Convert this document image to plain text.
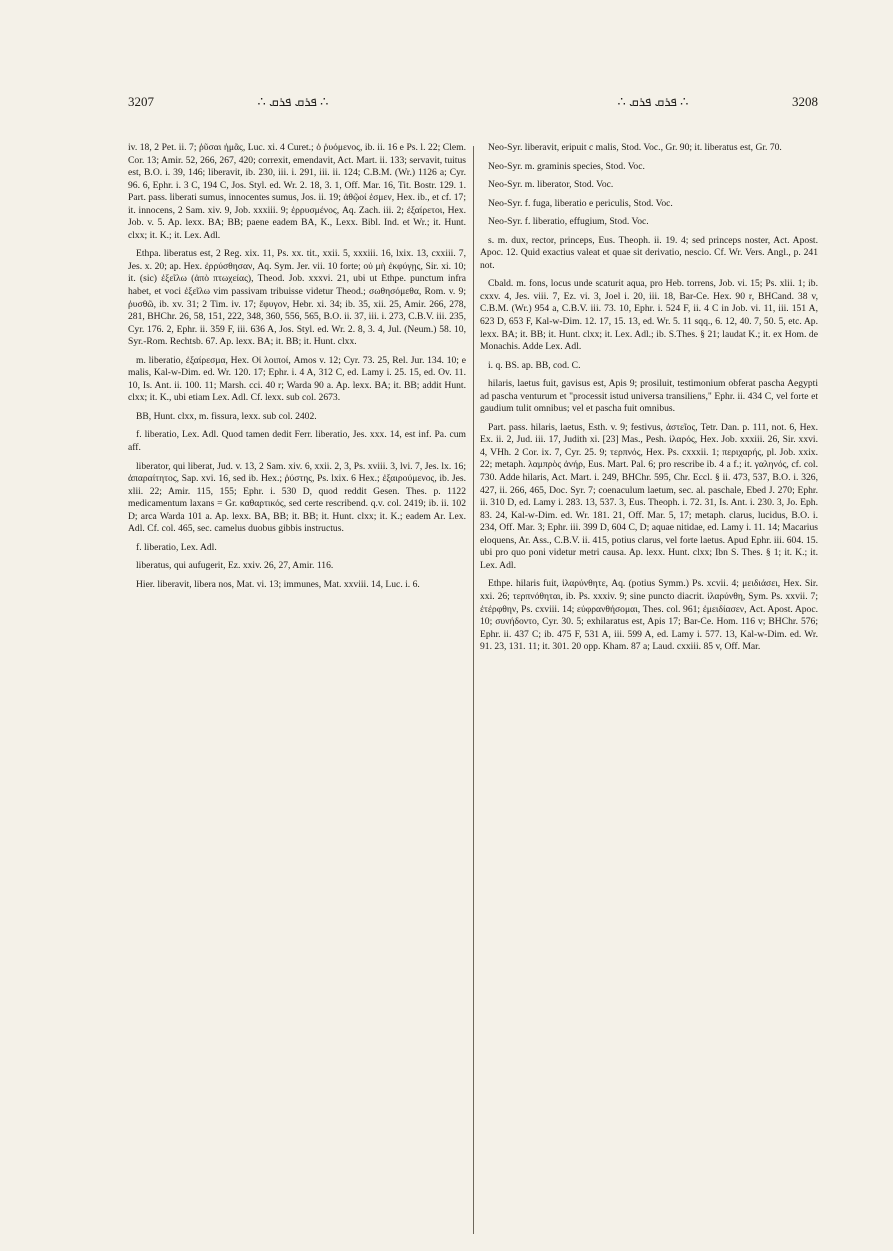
3207	∴ ܦܪܩ ܦܪܩ ∴	∴ ܦܪܩ ܦܪܩ ∴	3208

iv. 18, 2 Pet. ii. 7; ῥῦσαι ἡμᾶς, Luc. xi. 4 Curet.; ὁ ῥυόμενος, ib. ii. 16 e Ps. l. 22; Clem. Cor. 13; Amir. 52, 266, 267, 420; correxit, emendavit, Act. Mart. ii. 133; servavit, tuitus est, B.O. i. 39, 146; liberavit, ib. 230, iii. i. 291, iii. ii. 124; C.B.M. (Wr.) 1126 a; Cyr. 96. 6, Ephr. i. 3 C, 194 C, Jos. Styl. ed. Wr. 2. 18, 3. 1, Off. Mar. 16, Tit. Bostr. 129. 1. Part. pass. liberati sumus, innocentes sumus, Jos. ii. 19; ἀθῷοί ἐσμεν, Hex. ib., et cf. 17; it. innocens, 2 Sam. xiv. 9, Job. xxxiii. 9; ἐρρυσμένος, Aq. Zach. iii. 2; ἐξαίρετοι, Hex. Job. v. 5. Ap. lexx. BA; BB; paene eadem BA, K., Lexx. Bibl. Ind. et Wr.; it. Hunt. clxx; it. K.; it. Lex. Adl.

Ethpa. liberatus est, 2 Reg. xix. 11, Ps. xx. tit., xxii. 5, xxxiii. 16, lxix. 13, cxxiii. 7, Jes. x. 20; ap. Hex. ἐρρύσθησαν, Aq. Sym. Jer. vii. 10 forte; οὐ μὴ ἐκφύγῃς, Sir. xi. 10; it. (sic) ἐξεῖλω (ἀπὸ πτωχείας), Theod. Job. xxxvi. 21, ubi ut Ethpe. punctum infra habet, et voci ἐξεῖλω vim passivam tribuisse videtur Theod.; σωθησόμεθα, Rom. v. 9; ῥυσθῶ, ib. xv. 31; 2 Tim. iv. 17; ἔφυγον, Hebr. xi. 34; ib. 35, xii. 25, Amir. 266, 278, 281, BHChr. 26, 58, 151, 222, 348, 360, 556, 565, B.O. ii. 37, iii. i. 273, C.B.V. iii. 235, Cyr. 176. 2, Ephr. ii. 359 F, iii. 636 A, Jos. Styl. ed. Wr. 2. 8, 3. 4, Jul. (Neum.) 58. 10, Syr.-Rom. Rechtsb. 67. Ap. lexx. BA; it. BB; it. Hunt. clxx.

m. liberatio, ἐξαίρεσμα, Hex. Οἱ λοιποί, Amos v. 12; Cyr. 73. 25, Rel. Jur. 134. 10; e malis, Kal-w-Dim. ed. Wr. 120. 17; Ephr. i. 4 A, 312 C, ed. Lamy i. 25. 15, ed. Ov. 11. 10, Is. Ant. ii. 100. 11; Marsh. cci. 40 r; Warda 90 a. Ap. lexx. BA; it. BB; addit Hunt. clxx; it. K., ubi etiam Lex. Adl. Cf. lexx. sub col. 2673.

BB, Hunt. clxx, m. fissura, lexx. sub col. 2402.

f. liberatio, Lex. Adl. Quod tamen dedit Ferr. liberatio, Jes. xxx. 14, est inf. Pa. cum aff.

liberator, qui liberat, Jud. v. 13, 2 Sam. xiv. 6, xxii. 2, 3, Ps. xviii. 3, lvi. 7, Jes. lx. 16; ἀπαραίτητος, Sap. xvi. 16, sed ib. Hex.; ῥύστης, Ps. lxix. 6 Hex.; ἐξαιρούμενος, ib. Jes. xlii. 22; Amir. 115, 155; Ephr. i. 530 D, quod reddit Gesen. Thes. p. 1122 medicamentum laxans = Gr. καθαρτικός, sed certe rescribend. q.v. col. 2419; ib. ii. 102 D; arca Warda 101 a. Ap. lexx. BA, BB; it. BB; it. Hunt. clxx; it. K.; eadem Ar. Lex. Adl. Cf. col. 465, sec. camelus duobus gibbis instructus.

f. liberatio, Lex. Adl.

liberatus, qui aufugerit, Ez. xxiv. 26, 27, Amir. 116.

Hier. liberavit, libera nos, Mat. vi. 13; immunes, Mat. xxviii. 14, Luc. i. 6.

Neo-Syr. liberavit, eripuit c malis, Stod. Voc., Gr. 90; it. liberatus est, Gr. 70.

Neo-Syr. m. graminis species, Stod. Voc.

Neo-Syr. m. liberator, Stod. Voc.

Neo-Syr. f. fuga, liberatio e periculis, Stod. Voc.

Neo-Syr. f. liberatio, effugium, Stod. Voc.

s. m. dux, rector, princeps, Eus. Theoph. ii. 19. 4; sed princeps noster, Act. Apost. Apoc. 12. Quid exactius valeat et quae sit derivatio, nescio. Cf. Wr. Vers. Angl., p. 241 not.

Cbald. m. fons, locus unde scaturit aqua, pro Heb. torrens, Job. vi. 15; Ps. xlii. 1; ib. cxxv. 4, Jes. viii. 7, Ez. vi. 3, Joel i. 20, iii. 18, Bar-Ce. Hex. 90 r, BHCand. 38 v, C.B.M. (Wr.) 954 a, C.B.V. iii. 73. 10, Ephr. i. 524 F, ii. 4 C in Job. vi. 11, iii. 151 A, 623 D, 653 F, Kal-w-Dim. 12. 17, 15. 13, ed. Wr. 5. 11 sqq., 6. 12, 40. 7, 50. 5, etc. Ap. lexx. BA; it. BB; it. Hunt. clxx; it. Lex. Adl.; ib. S.Thes. § 21; laudat K.; it. ex Hom. de Monachis. Adde Lex. Adl.

i. q. BS. ap. BB, cod. C.

hilaris, laetus fuit, gavisus est, Apis 9; prosiluit, testimonium obferat pascha Aegypti ad pascha venturum et "processit istud universa transiliens," Ephr. ii. 434 C, vel forte et gaudium tulit omnibus; vel et pascha fuit omnibus.

Part. pass. hilaris, laetus, Esth. v. 9; festivus, ἀστεῖος, Tetr. Dan. p. 111, not. 6, Hex. Ex. ii. 2, Jud. iii. 17, Judith xi. [23] Mas., Pesh. ἱλαρός, Hex. Job. xxxiii. 26, Sir. xxvi. 4, VHh. 2 Cor. ix. 7, Cyr. 25. 9; τερπνός, Hex. Ps. cxxxii. 1; περιχαρής, pl. Job. xxix. 22; metaph. λαμπρὸς ἀνήρ, Eus. Mart. Pal. 6; pro rescribe ib. 4 a f.; it. γαληνός, cf. col. 730. Adde hilaris, Act. Mart. i. 249, BHChr. 595, Chr. Eccl. § ii. 473, 537, B.O. i. 326, 427, ii. 266, 465, Doc. Syr. 7; coenaculum laetum, sec. al. paschale, Ebed J. 270; Ephr. ii. 310 D, ed. Lamy i. 283. 13, 537. 3, Eus. Theoph. i. 72. 31, Is. Ant. i. 230. 3, Jo. Eph. 83. 24, Kal-w-Dim. ed. Wr. 181. 21, Off. Mar. 5, 17; metaph. clarus, lucidus, B.O. i. 234, Off. Mar. 3; Ephr. iii. 399 D, 604 C, D; aquae nitidae, ed. Lamy i. 11. 14; Macarius eloquens, Ar. Ass., C.B.V. ii. 415, potius clarus, vel forte laetus. Apud Ephr. iii. 604. 15. ubi pro quo poni videtur metri causa. Ap. lexx. Hunt. clxx; Ibn S. Thes. § 1; it. K.; it. Lex. Adl.

Ethpe. hilaris fuit, ἱλαρύνθητε, Aq. (potius Symm.) Ps. xcvii. 4; μειδιάσει, Hex. Sir. xxi. 26; τερπνόθηται, ib. Ps. xxxiv. 9; sine puncto diacrit. ἱλαρύνθη, Sym. Ps. xxvii. 7; ἐτέρφθην, Ps. cxviii. 14; εὐφρανθήσομαι, Thes. col. 961; ἐμειδίασεν, Act. Apost. Apoc. 10; συνήδοντο, Cyr. 30. 5; exhilaratus est, Apis 17; Bar-Ce. Hom. 116 v; BHChr. 576; Ephr. ii. 437 C; ib. 475 F, 531 A, iii. 599 A, ed. Lamy i. 577. 13, Kal-w-Dim. ed. Wr. 91. 23, 131. 11; it. 301. 20 opp. Kham. 87 a; Laud. cxxiii. 85 v, Off. Mar.
